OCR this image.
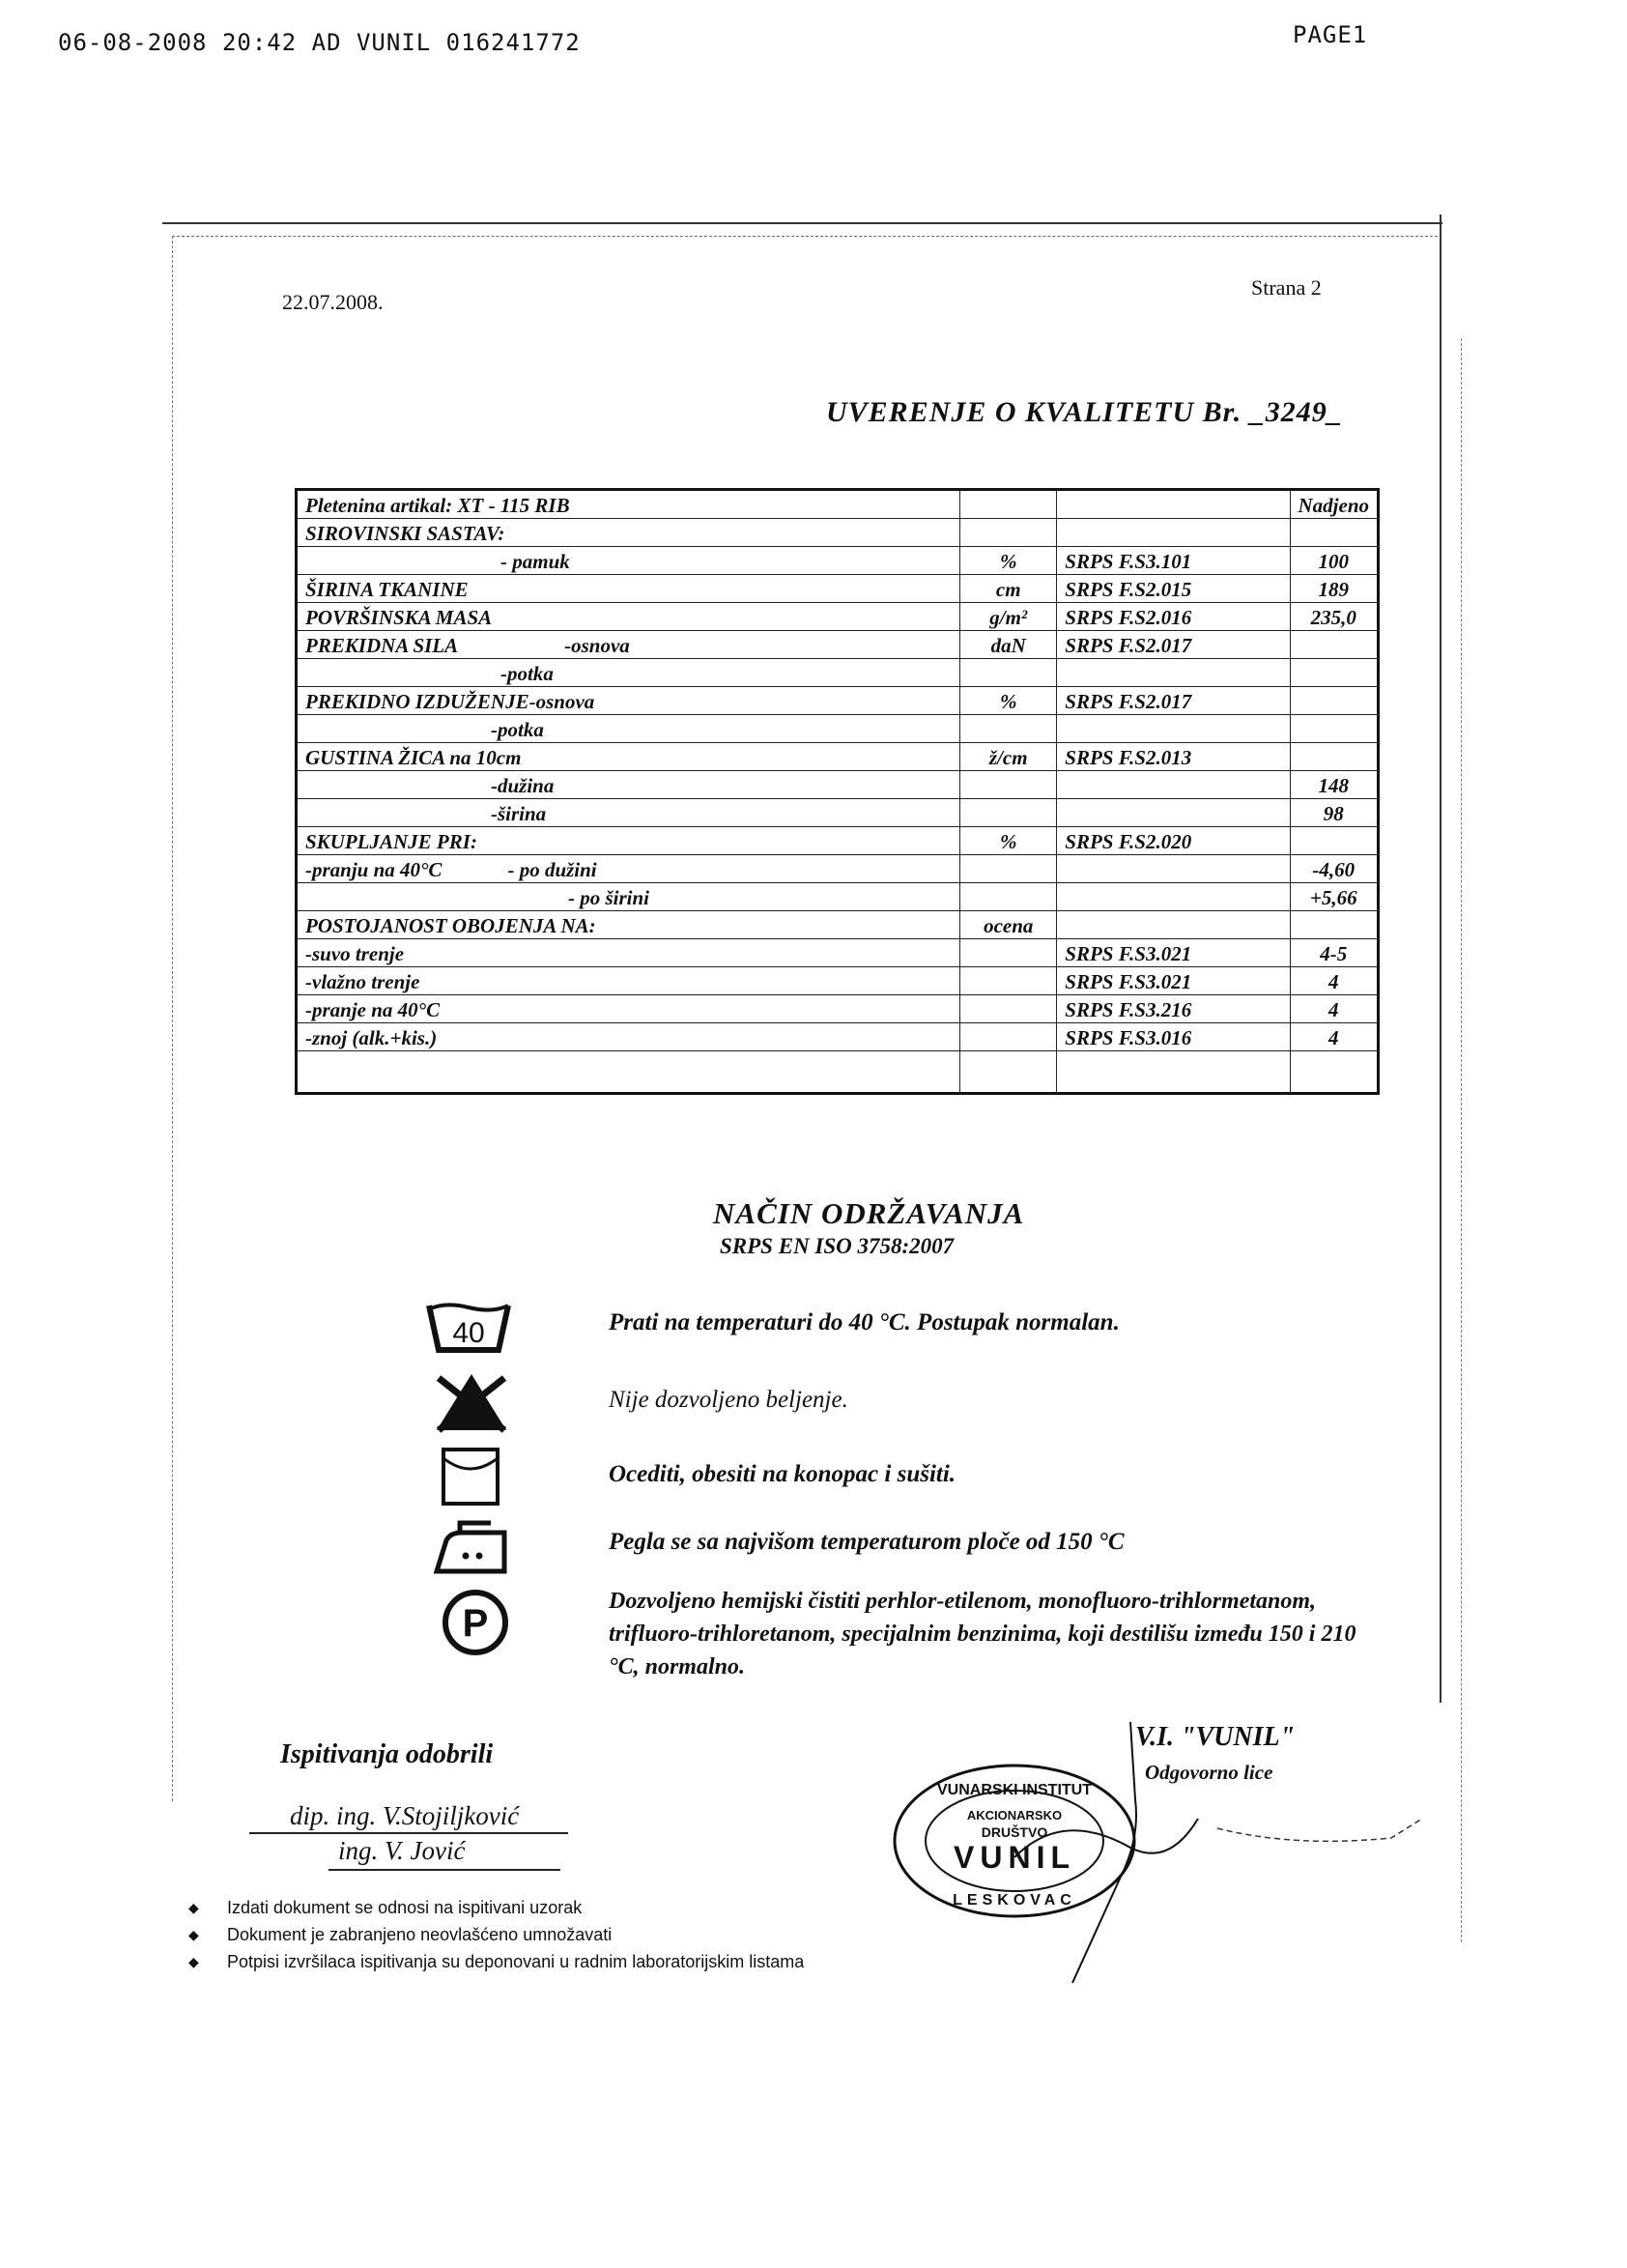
06-08-2008 20:42 AD VUNIL 016241772	PAGE1
22.07.2008.
Strana 2
UVERENJE O KVALITETU Br. _3249_
Pletenina artikal: XT - 115 RIB			Nadjeno
SIROVINSKI SASTAV:			
- pamuk	%	SRPS F.S3.101	100
ŠIRINA TKANINE	cm	SRPS F.S2.015	189
POVRŠINSKA MASA	g/m²	SRPS F.S2.016	235,0
PREKIDNA SILA -osnova	daN	SRPS F.S2.017	
-potka			
PREKIDNO IZDUŽENJE-osnova	%	SRPS F.S2.017	
-potka			
GUSTINA ŽICA na 10cm	ž/cm	SRPS F.S2.013	
-dužina			148
-širina			98
SKUPLJANJE PRI:	%	SRPS F.S2.020	
-pranju na 40°C - po dužini			-4,60
- po širini			+5,66
POSTOJANOST OBOJENJA NA:	ocena		
-suvo trenje		SRPS F.S3.021	4-5
-vlažno trenje		SRPS F.S3.021	4
-pranje na 40°C		SRPS F.S3.216	4
-znoj (alk.+kis.)		SRPS F.S3.016	4

NAČIN ODRŽAVANJA
SRPS EN ISO 3758:2007
40
P
Prati na temperaturi do 40 °C. Postupak normalan.
Nije dozvoljeno beljenje.
Ocediti, obesiti na konopac i sušiti.
Pegla se sa najvišom temperaturom ploče od 150 °C
Dozvoljeno hemijski čistiti perhlor-etilenom, monofluoro-trihlormetanom, trifluoro-trihloretanom, specijalnim benzinima, koji destilišu između 150 i 210 °C, normalno.
Ispitivanja odobrili
dip. ing. V.Stojiljković
ing. V. Jović
V.I. "VUNIL"
Odgovorno lice
VUNARSKI INSTITUT
AKCIONARSKO
DRUŠTVO
VUNIL
LESKOVAC
◆ Izdati dokument se odnosi na ispitivani uzorak
◆ Dokument je zabranjeno neovlašćeno umnožavati
◆ Potpisi izvršilaca ispitivanja su deponovani u radnim laboratorijskim listama
